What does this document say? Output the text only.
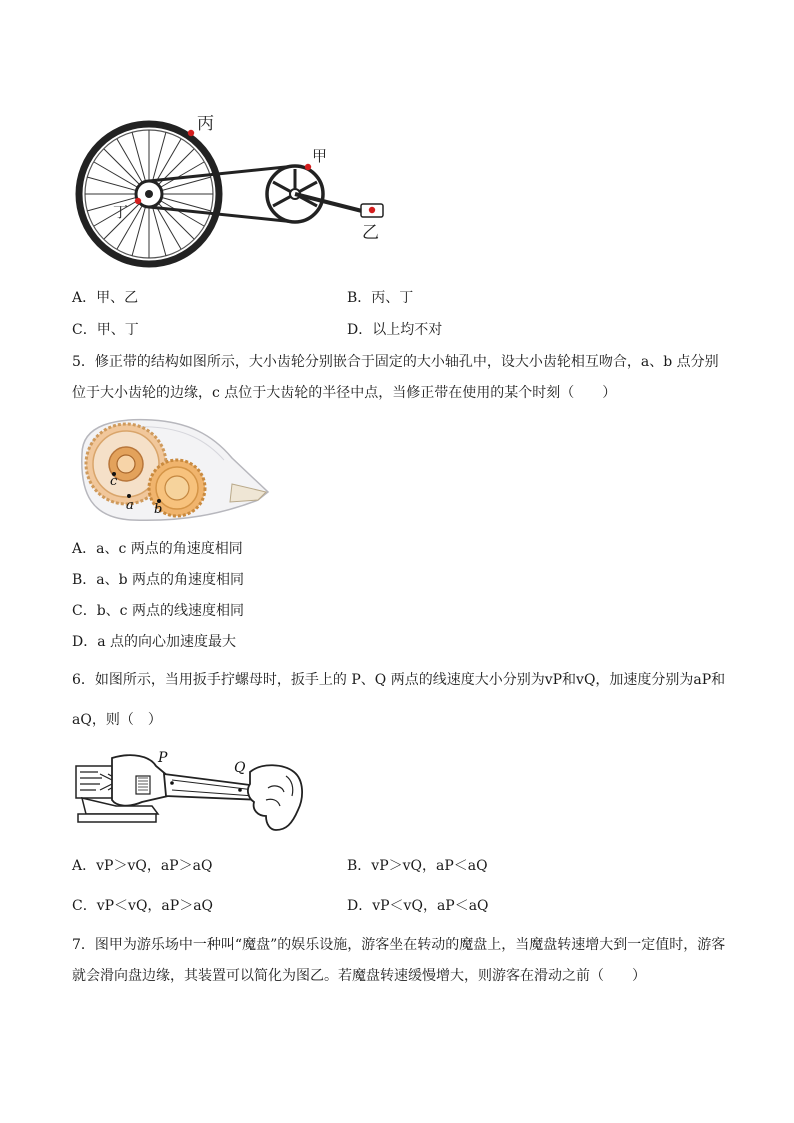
丙
甲
乙
丁
A．甲、乙	B．丙、丁
C．甲、丁	D．以上均不对
5．修正带的结构如图所示，大小齿轮分别嵌合于固定的大小轴孔中，设大小齿轮相互吻合，a、b 点分别
位于大小齿轮的边缘，c 点位于大齿轮的半径中点，当修正带在使用的某个时刻（　　）
c
a b
A．a、c 两点的角速度相同
B．a、b 两点的角速度相同
C．b、c 两点的线速度相同
D．a 点的向心加速度最大
6．如图所示，当用扳手拧螺母时，扳手上的 P、Q 两点的线速度大小分别为vP和vQ，加速度分别为aP和
aQ，则（　）
P
Q
A．vP＞vQ，aP＞aQ	B．vP＞vQ，aP＜aQ
C．vP＜vQ，aP＞aQ	D．vP＜vQ，aP＜aQ
7．图甲为游乐场中一种叫“魔盘”的娱乐设施，游客坐在转动的魔盘上，当魔盘转速增大到一定值时，游客
就会滑向盘边缘，其装置可以简化为图乙。若魔盘转速缓慢增大，则游客在滑动之前（　　）
